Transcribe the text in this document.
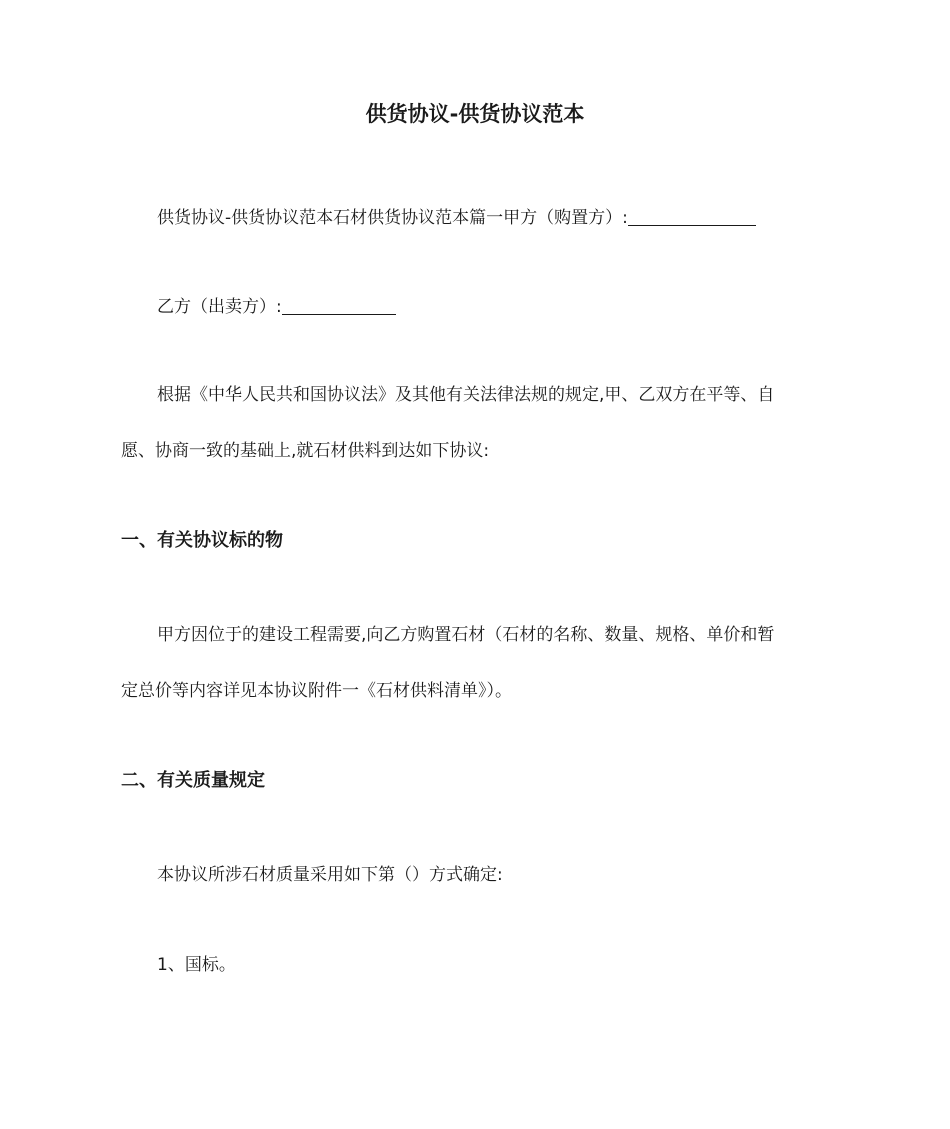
供货协议-供货协议范本

供货协议-供货协议范本石材供货协议范本篇一甲方（购置方）:

乙方（出卖方）:

根据《中华人民共和国协议法》及其他有关法律法规的规定,甲、乙双方在平等、自

愿、协商一致的基础上,就石材供料到达如下协议:

一、有关协议标的物

甲方因位于的建设工程需要,向乙方购置石材（石材的名称、数量、规格、单价和暂

定总价等内容详见本协议附件一《石材供料清单》）。

二、有关质量规定

本协议所涉石材质量采用如下第（）方式确定:

1、国标。
